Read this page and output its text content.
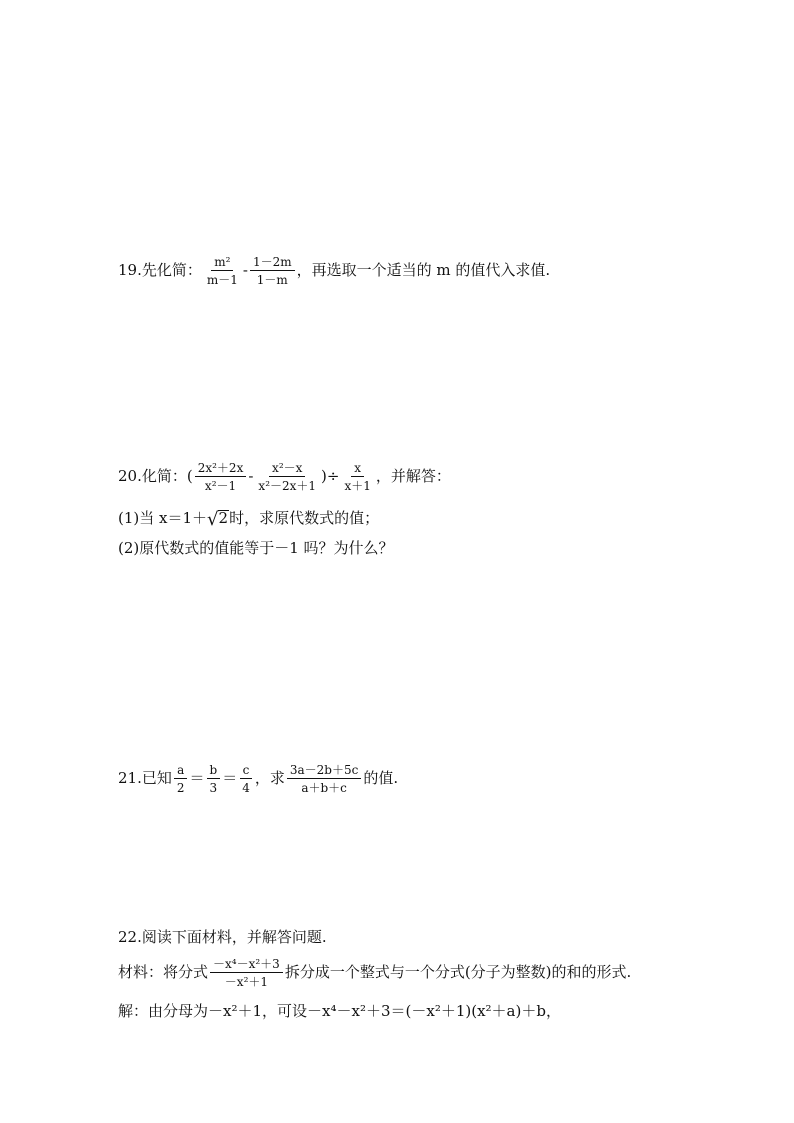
19.先化简： $\frac{\text{m²}}{m-1} - \frac{1-2m}{1-m}$ ，再选取一个适当的 m 的值代入求值.
20.化简：( $\frac{\text{2x²＋2x}}{\text{x²－1}} - \frac{\text{x²－x}}{\text{x²－2x＋1}}$ )÷ $\frac{x}{x+1}$ ，并解答：
(1)当 x＝1＋√2时，求原代数式的值；
(2)原代数式的值能等于－1 吗？为什么？
21.已知 $\frac{a}{2} = \frac{b}{3} = \frac{c}{4}$ ，求 $\frac{3a-2b+5c}{a+b+c}$ 的值.
22.阅读下面材料，并解答问题.
材料：将分式 $\frac{\text{－x⁴－x²＋3}}{\text{－x²＋1}}$ 拆分成一个整式与一个分式(分子为整数)的和的形式.
解：由分母为－x²＋1，可设－x⁴－x²＋3＝(－x²＋1)(x²＋a)＋b，
